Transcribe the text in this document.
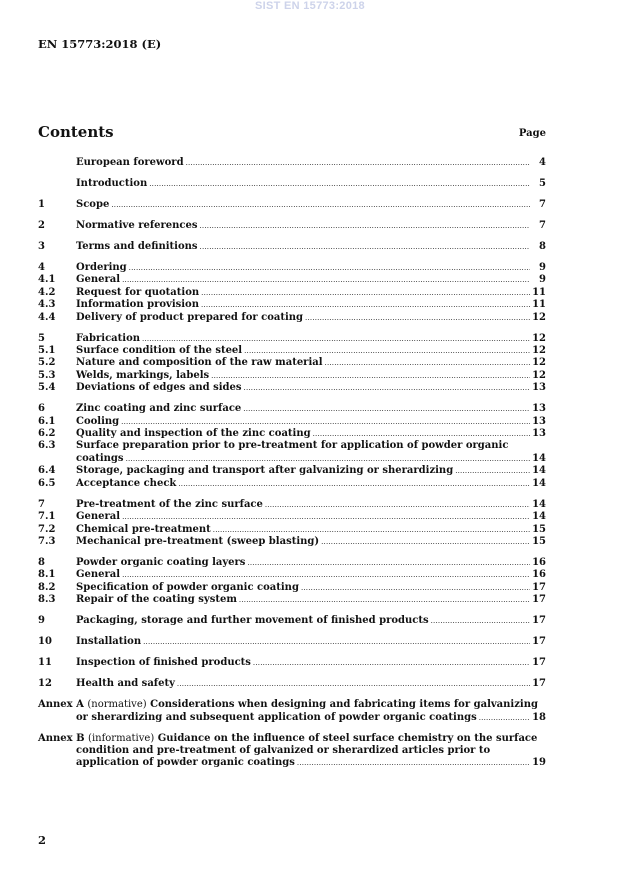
SIST EN 15773:2018
EN 15773:2018 (E)
Contents	Page
European foreword .....	4
Introduction .....	5
1	Scope .....	7
2	Normative references .....	7
3	Terms and definitions .....	8
4	Ordering .....	9
4.1 General .....	9
4.2 Request for quotation .....	11
4.3 Information provision .....	11
4.4 Delivery of product prepared for coating .....	12
5	Fabrication .....	12
5.1 Surface condition of the steel .....	12
5.2 Nature and composition of the raw material .....	12
5.3 Welds, markings, labels .....	12
5.4 Deviations of edges and sides .....	13
6	Zinc coating and zinc surface .....	13
6.1 Cooling .....	13
6.2 Quality and inspection of the zinc coating .....	13
6.3 Surface preparation prior to pre-treatment for application of powder organic
coatings .....	14
6.4 Storage, packaging and transport after galvanizing or sherardizing .....	14
6.5 Acceptance check .....	14
7	Pre-treatment of the zinc surface .....	14
7.1 General .....	14
7.2 Chemical pre-treatment .....	15
7.3 Mechanical pre-treatment (sweep blasting) .....	15
8	Powder organic coating layers .....	16
8.1 General .....	16
8.2 Specification of powder organic coating .....	17
8.3 Repair of the coating system .....	17
9	Packaging, storage and further movement of finished products .....	17
10 Installation .....	17
11 Inspection of finished products .....	17
12 Health and safety .....	17
Annex A (normative) Considerations when designing and fabricating items for galvanizing
or sherardizing and subsequent application of powder organic coatings .....	18
Annex B (informative) Guidance on the influence of steel surface chemistry on the surface
condition and pre-treatment of galvanized or sherardized articles prior to
application of powder organic coatings .....	19
2
